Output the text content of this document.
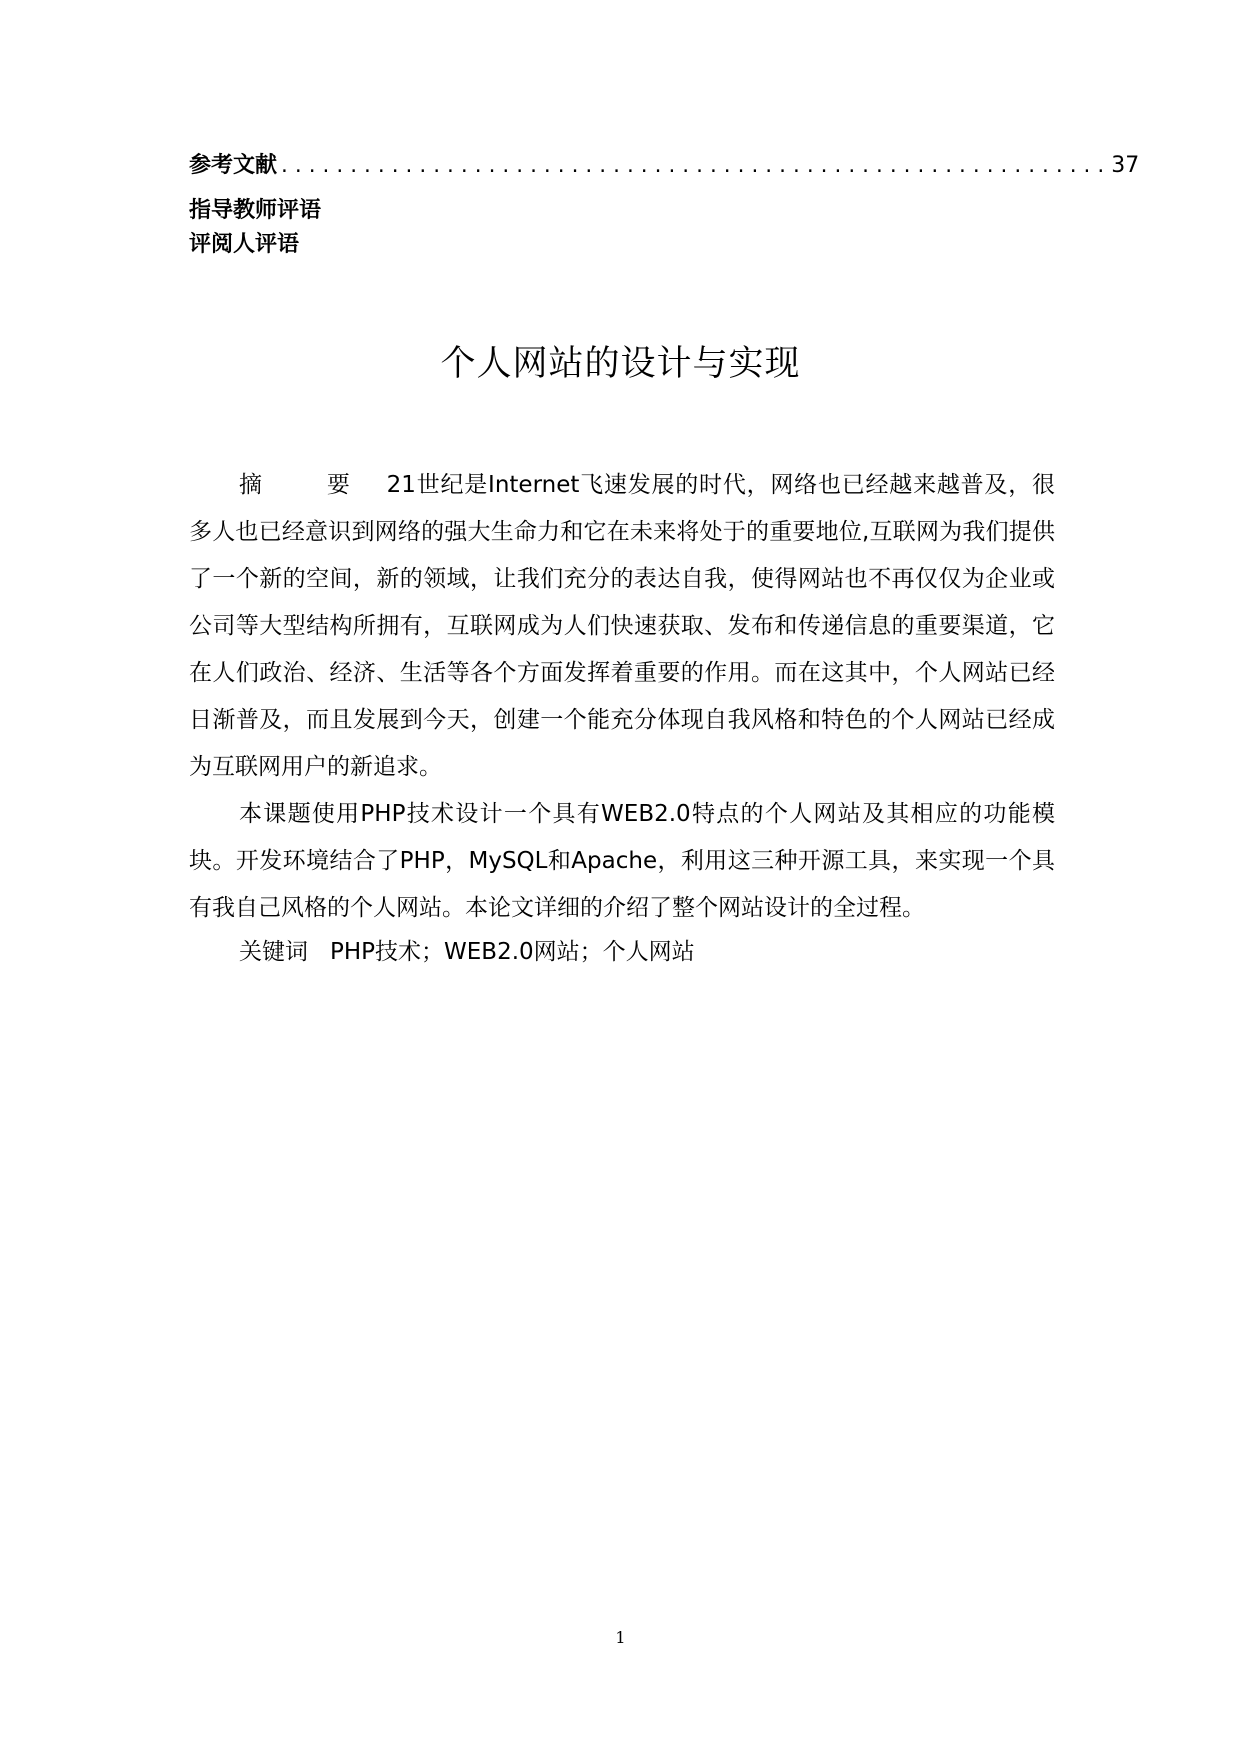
参考文献 ............................................................ 37
指导教师评语
评阅人评语
个人网站的设计与实现

摘 要 21世纪是Internet飞速发展的时代，网络也已经越来越普及，很多人也已经意识到网络的强大生命力和它在未来将处于的重要地位,互联网为我们提供了一个新的空间，新的领域，让我们充分的表达自我，使得网站也不再仅仅为企业或公司等大型结构所拥有，互联网成为人们快速获取、发布和传递信息的重要渠道，它在人们政治、经济、生活等各个方面发挥着重要的作用。而在这其中，个人网站已经日渐普及，而且发展到今天，创建一个能充分体现自我风格和特色的个人网站已经成为互联网用户的新追求。

本课题使用PHP技术设计一个具有WEB2.0特点的个人网站及其相应的功能模块。开发环境结合了PHP，MySQL和Apache，利用这三种开源工具，来实现一个具有我自己风格的个人网站。本论文详细的介绍了整个网站设计的全过程。

关键词 PHP技术；WEB2.0网站；个人网站

1
